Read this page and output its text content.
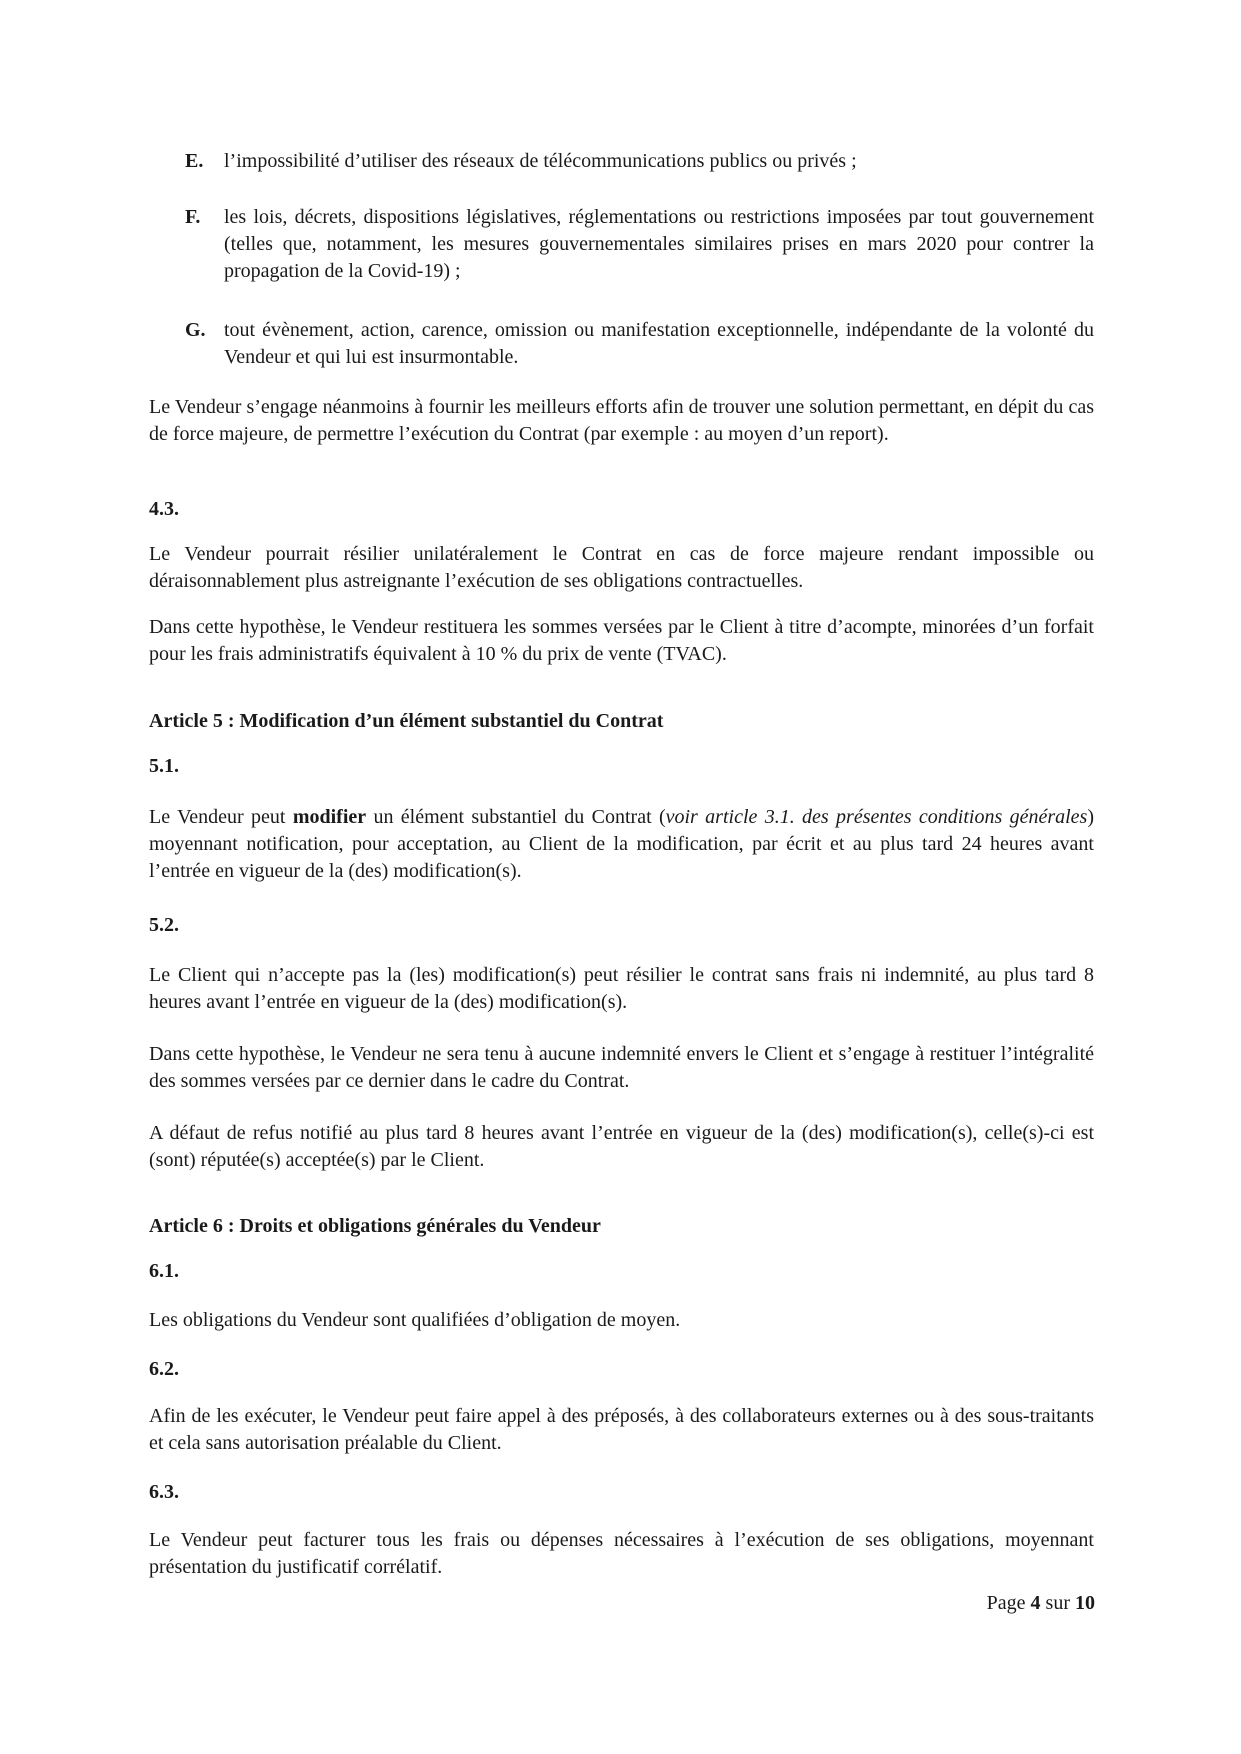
E. l’impossibilité d’utiliser des réseaux de télécommunications publics ou privés ;
F. les lois, décrets, dispositions législatives, réglementations ou restrictions imposées par tout gouvernement (telles que, notamment, les mesures gouvernementales similaires prises en mars 2020 pour contrer la propagation de la Covid-19) ;
G. tout évènement, action, carence, omission ou manifestation exceptionnelle, indépendante de la volonté du Vendeur et qui lui est insurmontable.

Le Vendeur s’engage néanmoins à fournir les meilleurs efforts afin de trouver une solution permettant, en dépit du cas de force majeure, de permettre l’exécution du Contrat (par exemple : au moyen d’un report).

4.3.

Le Vendeur pourrait résilier unilatéralement le Contrat en cas de force majeure rendant impossible ou déraisonnablement plus astreignante l’exécution de ses obligations contractuelles.

Dans cette hypothèse, le Vendeur restituera les sommes versées par le Client à titre d’acompte, minorées d’un forfait pour les frais administratifs équivalent à 10 % du prix de vente (TVAC).

Article 5 : Modification d’un élément substantiel du Contrat

5.1.

Le Vendeur peut modifier un élément substantiel du Contrat (voir article 3.1. des présentes conditions générales) moyennant notification, pour acceptation, au Client de la modification, par écrit et au plus tard 24 heures avant l’entrée en vigueur de la (des) modification(s).

5.2.

Le Client qui n’accepte pas la (les) modification(s) peut résilier le contrat sans frais ni indemnité, au plus tard 8 heures avant l’entrée en vigueur de la (des) modification(s).

Dans cette hypothèse, le Vendeur ne sera tenu à aucune indemnité envers le Client et s’engage à restituer l’intégralité des sommes versées par ce dernier dans le cadre du Contrat.

A défaut de refus notifié au plus tard 8 heures avant l’entrée en vigueur de la (des) modification(s), celle(s)-ci est (sont) réputée(s) acceptée(s) par le Client.

Article 6 : Droits et obligations générales du Vendeur

6.1.

Les obligations du Vendeur sont qualifiées d’obligation de moyen.

6.2.

Afin de les exécuter, le Vendeur peut faire appel à des préposés, à des collaborateurs externes ou à des sous-traitants et cela sans autorisation préalable du Client.

6.3.

Le Vendeur peut facturer tous les frais ou dépenses nécessaires à l’exécution de ses obligations, moyennant présentation du justificatif corrélatif.

Page 4 sur 10
